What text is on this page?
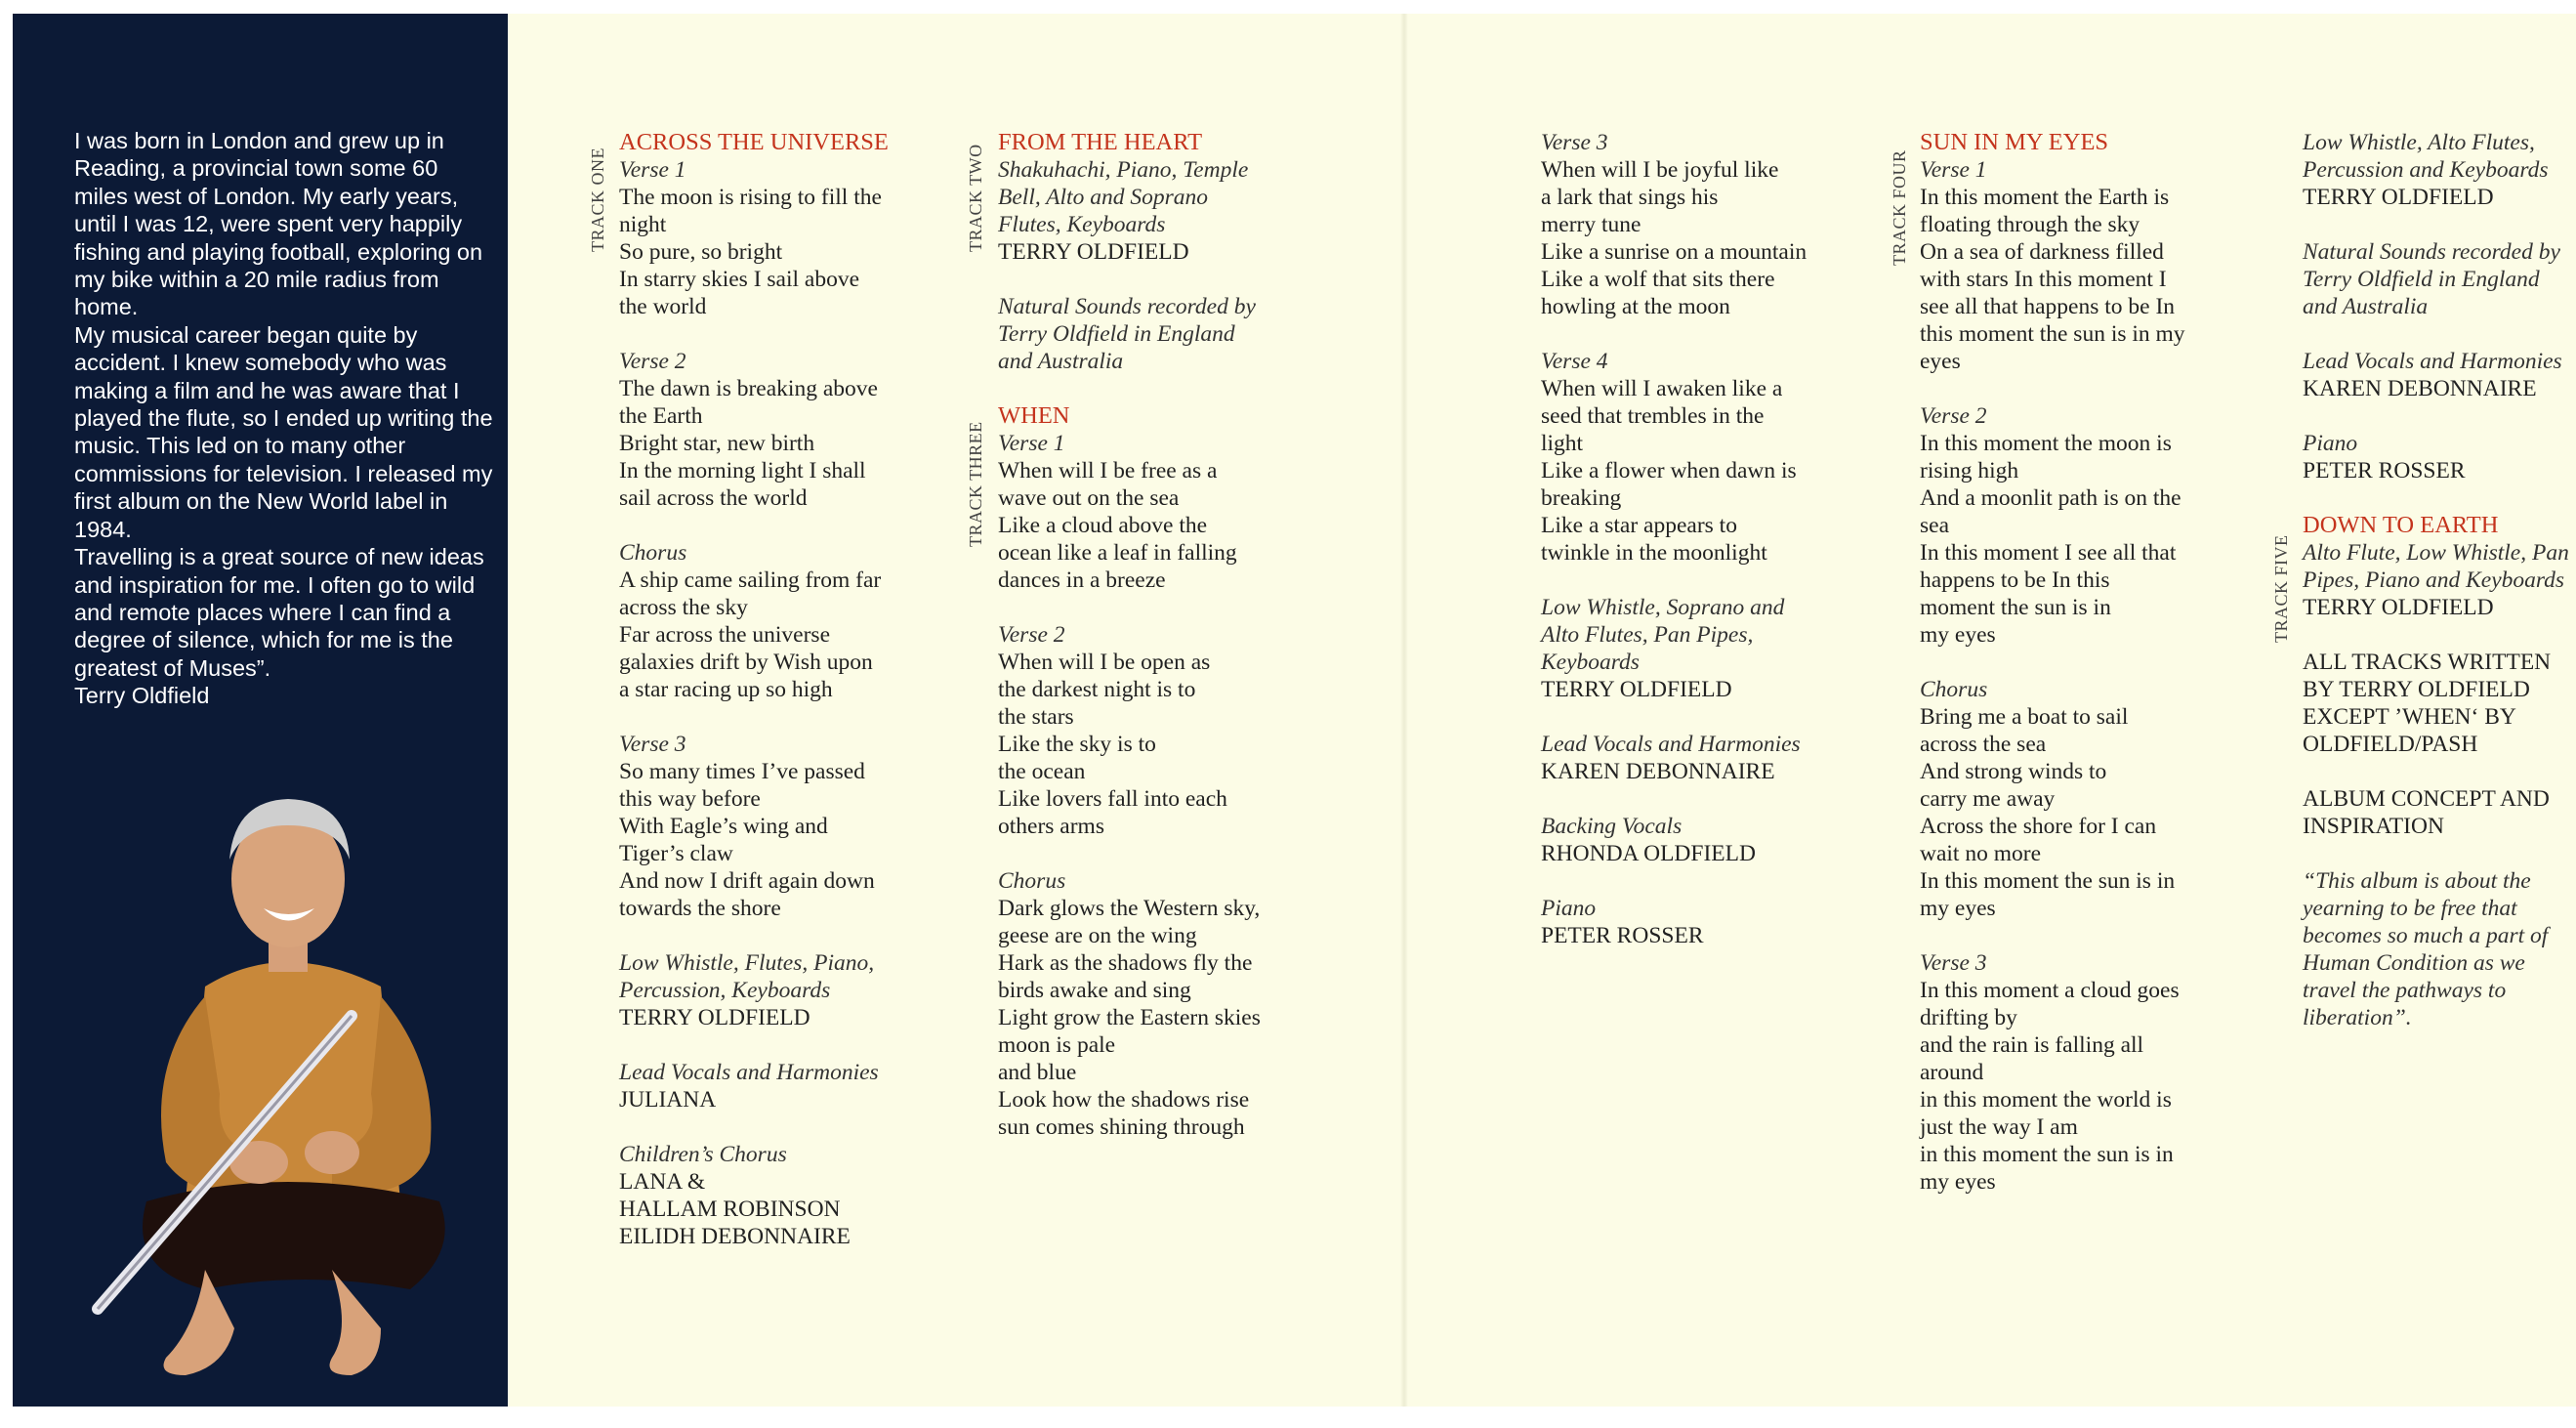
I was born in London and grew up in Reading, a provincial town some 60 miles west of London. My early years, until I was 12, were spent very happily fishing and playing football, exploring on my bike within a 20 mile radius from home.

My musical career began quite by accident. I knew somebody who was making a film and he was aware that I played the flute, so I ended up writing the music. This led on to many other commissions for television. I released my first album on the New World label in 1984.

Travelling is a great source of new ideas and inspiration for me. I often go to wild and remote places where I can find a degree of silence, which for me is the greatest of Muses”.

Terry Oldfield

TRACK ONE	TRACK TWO
TRACK THREE
TRACK FOUR
TRACK FIVE
ACROSS THE UNIVERSE
Verse 1
The moon is rising to fill the
night
So pure, so bright
In starry skies I sail above
the world
Verse 2
The dawn is breaking above
the Earth
Bright star, new birth
In the morning light I shall
sail across the world
Chorus
A ship came sailing from far
across the sky
Far across the universe
galaxies drift by Wish upon
a star racing up so high
Verse 3
So many times I’ve passed
this way before
With Eagle’s wing and
Tiger’s claw
And now I drift again down
towards the shore
Low Whistle, Flutes, Piano,
Percussion, Keyboards
TERRY OLDFIELD
Lead Vocals and Harmonies
JULIANA
Children’s Chorus
LANA &
HALLAM ROBINSON
EILIDH DEBONNAIRE
FROM THE HEART
Shakuhachi, Piano, Temple
Bell, Alto and Soprano
Flutes, Keyboards
TERRY OLDFIELD
Natural Sounds recorded by
Terry Oldfield in England
and Australia
WHEN
Verse 1
When will I be free as a
wave out on the sea
Like a cloud above the
ocean like a leaf in falling
dances in a breeze
Verse 2
When will I be open as
the darkest night is to
the stars
Like the sky is to
the ocean
Like lovers fall into each
others arms
Chorus
Dark glows the Western sky,
geese are on the wing
Hark as the shadows fly the
birds awake and sing
Light grow the Eastern skies
moon is pale
and blue
Look how the shadows rise
sun comes shining through
Verse 3
When will I be joyful like
a lark that sings his
merry tune
Like a sunrise on a mountain
Like a wolf that sits there
howling at the moon
Verse 4
When will I awaken like a
seed that trembles in the
light
Like a flower when dawn is
breaking
Like a star appears to
twinkle in the moonlight
Low Whistle, Soprano and
Alto Flutes, Pan Pipes,
Keyboards
TERRY OLDFIELD
Lead Vocals and Harmonies
KAREN DEBONNAIRE
Backing Vocals
RHONDA OLDFIELD
Piano
PETER ROSSER
SUN IN MY EYES
Verse 1
In this moment the Earth is
floating through the sky
On a sea of darkness filled
with stars In this moment I
see all that happens to be In
this moment the sun is in my
eyes
Verse 2
In this moment the moon is
rising high
And a moonlit path is on the
sea
In this moment I see all that
happens to be In this
moment the sun is in
my eyes
Chorus
Bring me a boat to sail
across the sea
And strong winds to
carry me away
Across the shore for I can
wait no more
In this moment the sun is in
my eyes
Verse 3
In this moment a cloud goes
drifting by
and the rain is falling all
around
in this moment the world is
just the way I am
in this moment the sun is in
my eyes
Low Whistle, Alto Flutes,
Percussion and Keyboards
TERRY OLDFIELD
Natural Sounds recorded by
Terry Oldfield in England
and Australia
Lead Vocals and Harmonies
KAREN DEBONNAIRE
Piano
PETER ROSSER
DOWN TO EARTH
Alto Flute, Low Whistle, Pan
Pipes, Piano and Keyboards
TERRY OLDFIELD
ALL TRACKS WRITTEN
BY TERRY OLDFIELD
EXCEPT ’WHEN‘ BY
OLDFIELD/PASH
ALBUM CONCEPT AND
INSPIRATION
“This album is about the
yearning to be free that
becomes so much a part of
Human Condition as we
travel the pathways to
liberation”.
